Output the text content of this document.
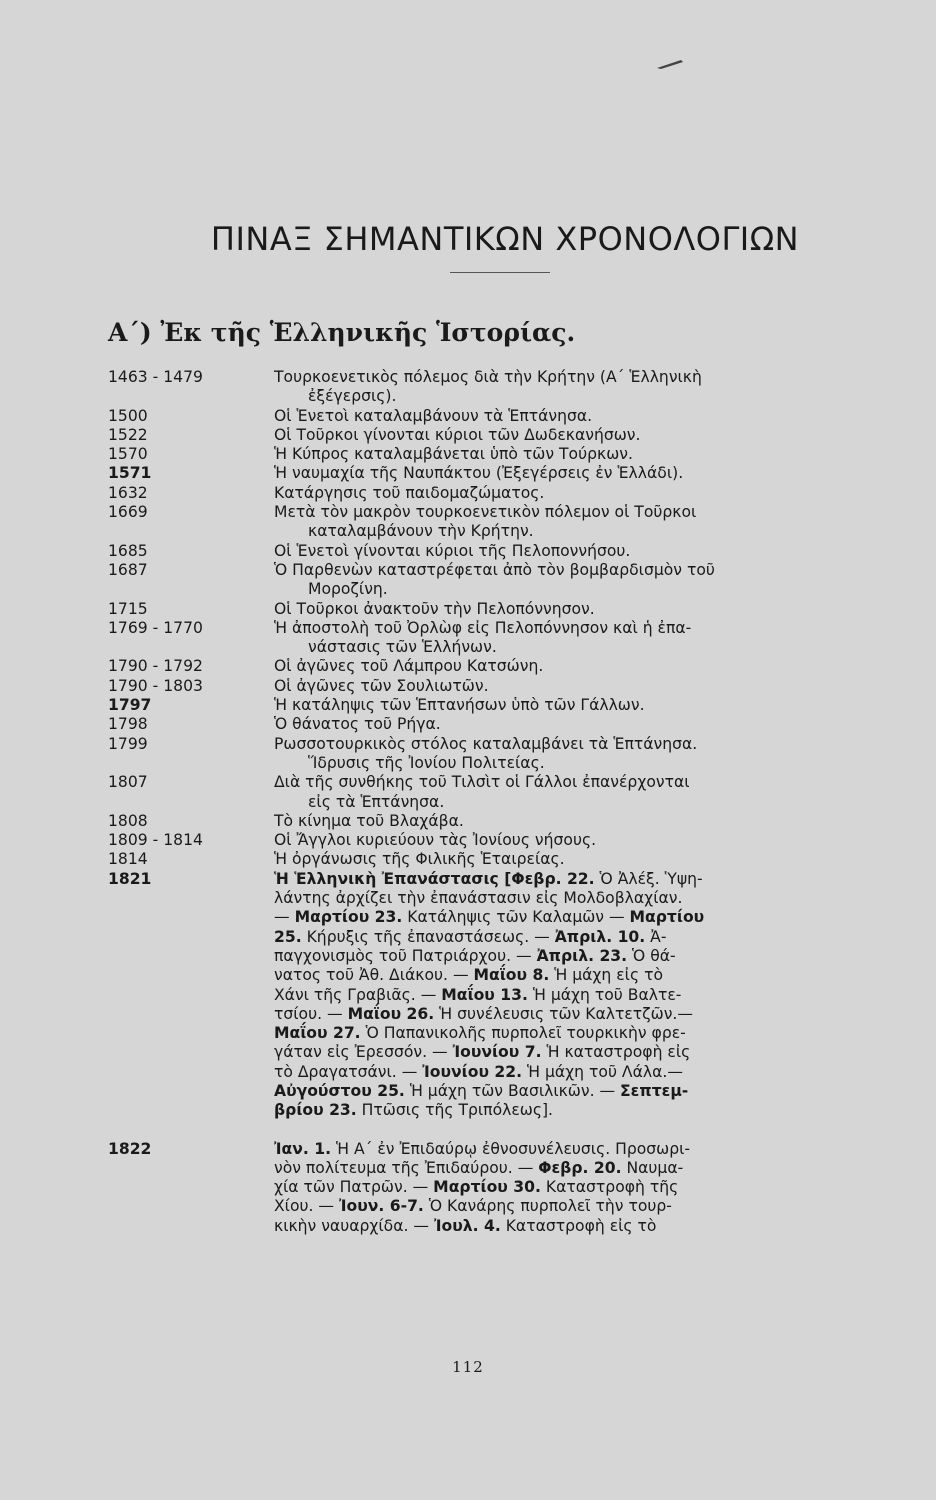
ΠΙΝΑΞ ΣΗΜΑΝΤΙΚΩΝ ΧΡΟΝΟΛΟΓΙΩΝ
Α΄) Ἐκ τῆς Ἑλληνικῆς Ἱστορίας.
1463 - 1479	Τουρκοενετικὸς πόλεμος διὰ τὴν Κρήτην (Α΄ Ἑλληνικὴ
ἐξέγερσις).
1500	Οἱ Ἑνετοὶ καταλαμβάνουν τὰ Ἑπτάνησα.
1522	Οἱ Τοῦρκοι γίνονται κύριοι τῶν Δωδεκανήσων.
1570	Ἡ Κύπρος καταλαμβάνεται ὑπὸ τῶν Τούρκων.
1571	Ἡ ναυμαχία τῆς Ναυπάκτου (Ἐξεγέρσεις ἐν Ἑλλάδι).
1632	Κατάργησις τοῦ παιδομαζώματος.
1669	Μετὰ τὸν μακρὸν τουρκοενετικὸν πόλεμον οἱ Τοῦρκοι
καταλαμβάνουν τὴν Κρήτην.
1685	Οἱ Ἑνετοὶ γίνονται κύριοι τῆς Πελοποννήσου.
1687	Ὁ Παρθενὼν καταστρέφεται ἀπὸ τὸν βομβαρδισμὸν τοῦ
Μοροζίνη.
1715	Οἱ Τοῦρκοι ἀνακτοῦν τὴν Πελοπόννησον.
1769 - 1770	Ἡ ἀποστολὴ τοῦ Ὀρλὼφ εἰς Πελοπόννησον καὶ ἡ ἐπα-
νάστασις τῶν Ἑλλήνων.
1790 - 1792	Οἱ ἀγῶνες τοῦ Λάμπρου Κατσώνη.
1790 - 1803	Οἱ ἀγῶνες τῶν Σουλιωτῶν.
1797	Ἡ κατάληψις τῶν Ἑπτανήσων ὑπὸ τῶν Γάλλων.
1798	Ὁ θάνατος τοῦ Ρήγα.
1799	Ρωσσοτουρκικὸς στόλος καταλαμβάνει τὰ Ἑπτάνησα.
Ἵδρυσις τῆς Ἰονίου Πολιτείας.
1807	Διὰ τῆς συνθήκης τοῦ Τιλσὶτ οἱ Γάλλοι ἐπανέρχονται
εἰς τὰ Ἑπτάνησα.
1808	Τὸ κίνημα τοῦ Βλαχάβα.
1809 - 1814	Οἱ Ἄγγλοι κυριεύουν τὰς Ἰονίους νήσους.
1814	Ἡ ὀργάνωσις τῆς Φιλικῆς Ἑταιρείας.
1821	Ἡ Ἑλληνικὴ Ἐπανάστασις [Φεβρ. 22. Ὁ Ἀλέξ. Ὑψη-
λάντης ἀρχίζει τὴν ἐπανάστασιν εἰς Μολδοβλαχίαν.
— Μαρτίου 23. Κατάληψις τῶν Καλαμῶν — Μαρτίου
25. Κήρυξις τῆς ἐπαναστάσεως. — Ἀπριλ. 10. Ἀ-
παγχονισμὸς τοῦ Πατριάρχου. — Ἀπριλ. 23. Ὁ θά-
νατος τοῦ Ἀθ. Διάκου. — Μαΐου 8. Ἡ μάχη εἰς τὸ
Χάνι τῆς Γραβιᾶς. — Μαΐου 13. Ἡ μάχη τοῦ Βαλτε-
τσίου. — Μαΐου 26. Ἡ συνέλευσις τῶν Καλτετζῶν.—
Μαΐου 27. Ὁ Παπανικολῆς πυρπολεῖ τουρκικὴν φρε-
γάταν εἰς Ἐρεσσόν. — Ἰουνίου 7. Ἡ καταστροφὴ εἰς
τὸ Δραγατσάνι. — Ἰουνίου 22. Ἡ μάχη τοῦ Λάλα.—
Αὐγούστου 25. Ἡ μάχη τῶν Βασιλικῶν. — Σεπτεμ-
βρίου 23. Πτῶσις τῆς Τριπόλεως].
1822	Ἰαν. 1. Ἡ Α΄ ἐν Ἐπιδαύρῳ ἐθνοσυνέλευσις. Προσωρι-
νὸν πολίτευμα τῆς Ἐπιδαύρου. — Φεβρ. 20. Ναυμα-
χία τῶν Πατρῶν. — Μαρτίου 30. Καταστροφὴ τῆς
Χίου. — Ἰουν. 6-7. Ὁ Κανάρης πυρπολεῖ τὴν τουρ-
κικὴν ναυαρχίδα. — Ἰουλ. 4. Καταστροφὴ εἰς τὸ
112
